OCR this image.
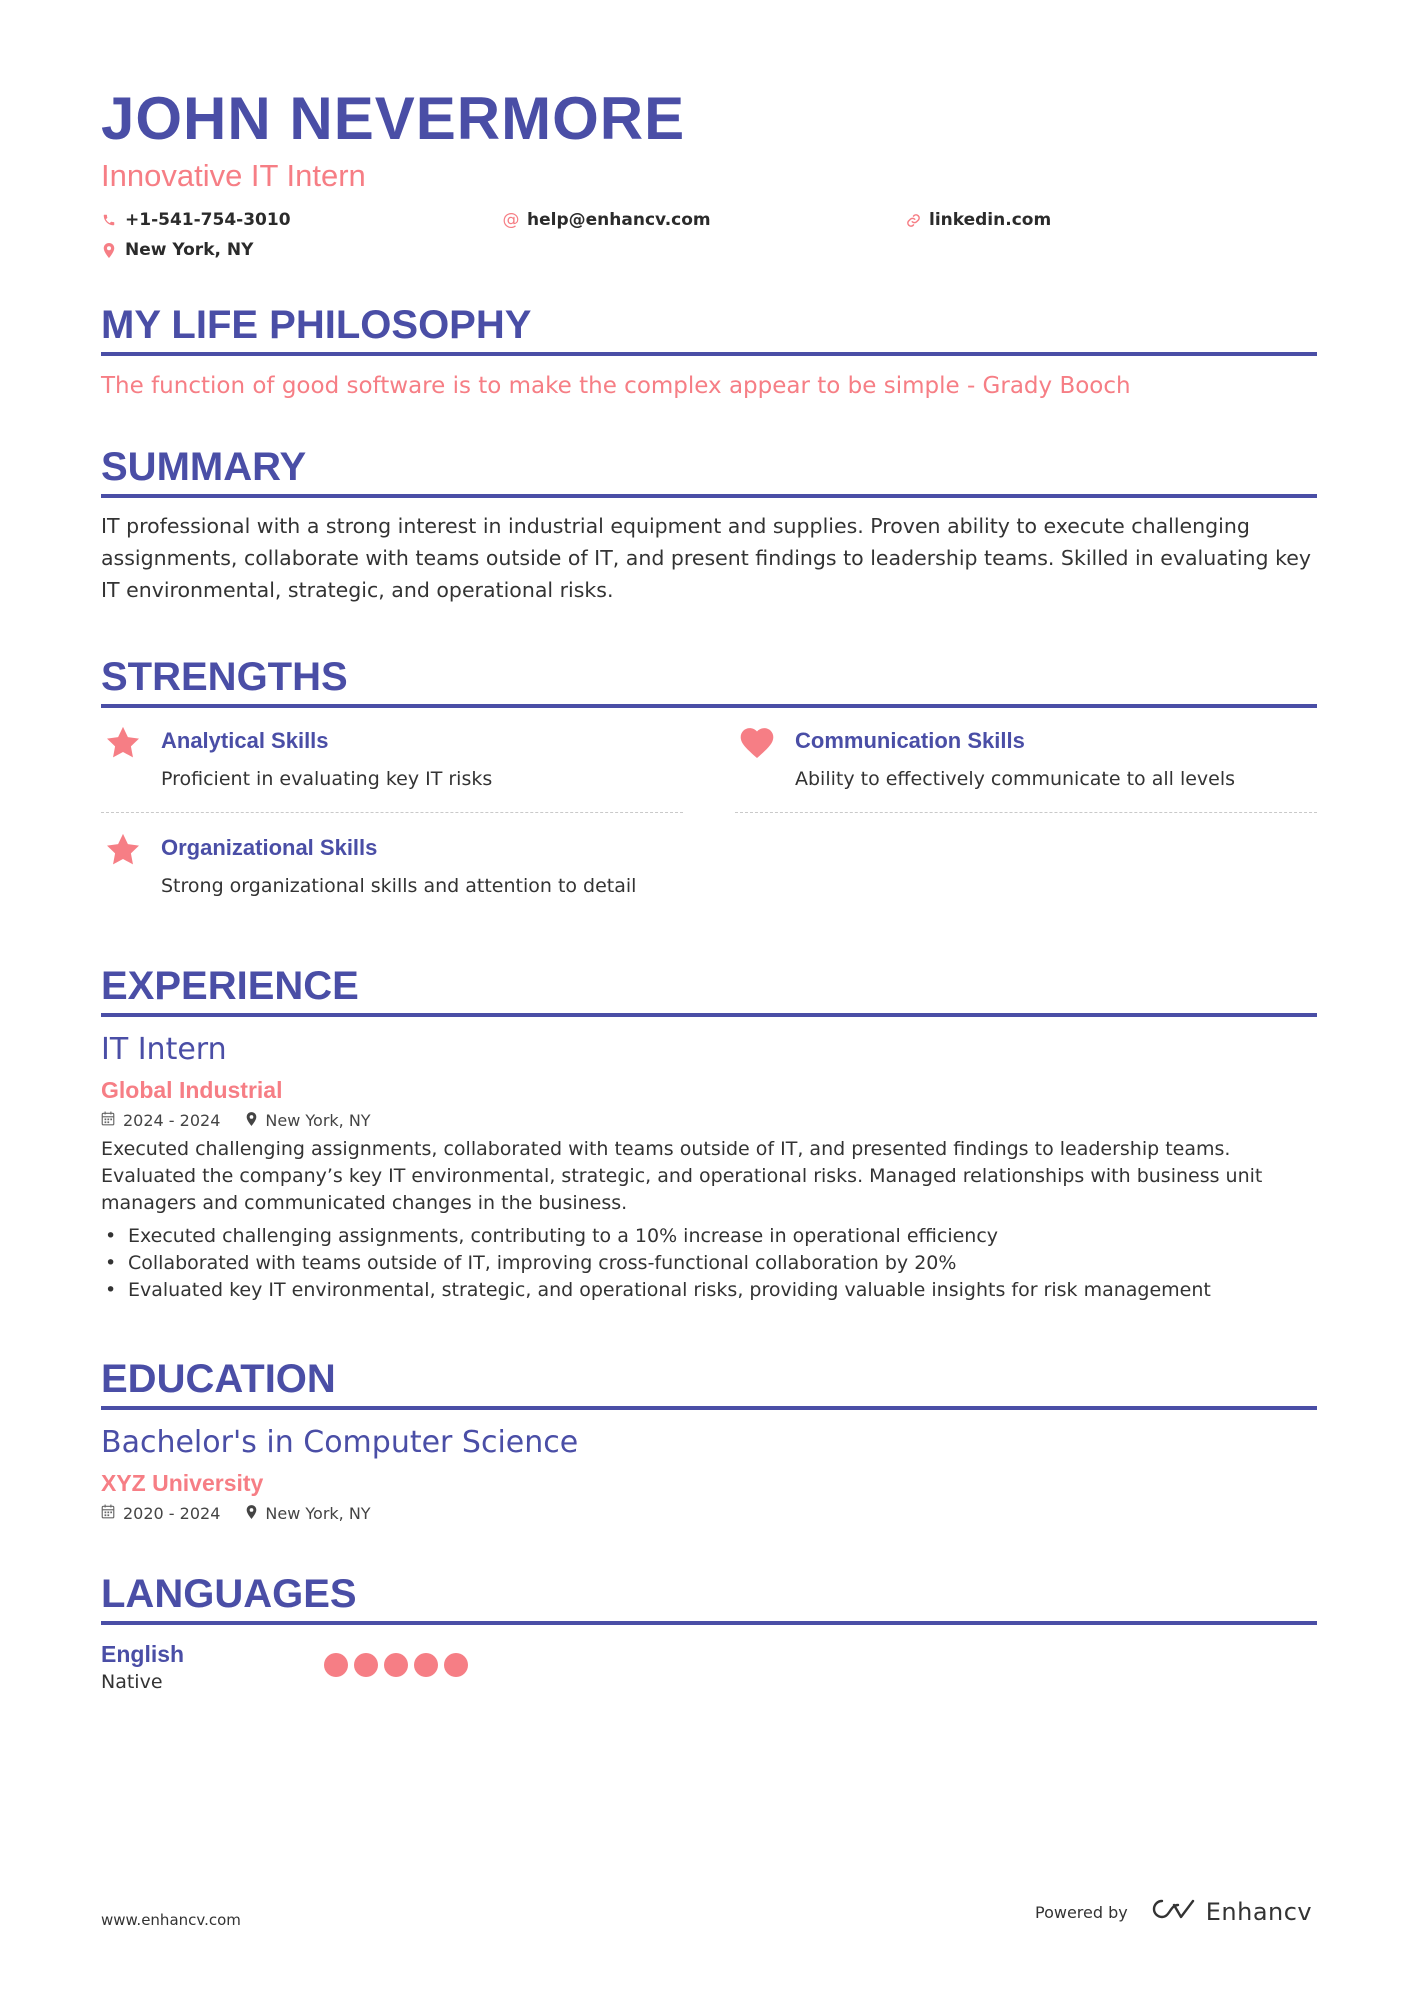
JOHN NEVERMORE
Innovative IT Intern
+1-541-754-3010	@ help@enhancv.com	linkedin.com
New York, NY
MY LIFE PHILOSOPHY
The function of good software is to make the complex appear to be simple - Grady Booch
SUMMARY
IT professional with a strong interest in industrial equipment and supplies. Proven ability to execute challenging assignments, collaborate with teams outside of IT, and present findings to leadership teams. Skilled in evaluating key IT environmental, strategic, and operational risks.
STRENGTHS
Analytical Skills
Proficient in evaluating key IT risks
Communication Skills
Ability to effectively communicate to all levels
Organizational Skills
Strong organizational skills and attention to detail
EXPERIENCE
IT Intern
Global Industrial
2024 - 2024	New York, NY
Executed challenging assignments, collaborated with teams outside of IT, and presented findings to leadership teams. Evaluated the company’s key IT environmental, strategic, and operational risks. Managed relationships with business unit managers and communicated changes in the business.
• Executed challenging assignments, contributing to a 10% increase in operational efficiency
• Collaborated with teams outside of IT, improving cross-functional collaboration by 20%
• Evaluated key IT environmental, strategic, and operational risks, providing valuable insights for risk management
EDUCATION
Bachelor's in Computer Science
XYZ University
2020 - 2024	New York, NY
LANGUAGES
English
Native
www.enhancv.com	Powered by	Enhancv
